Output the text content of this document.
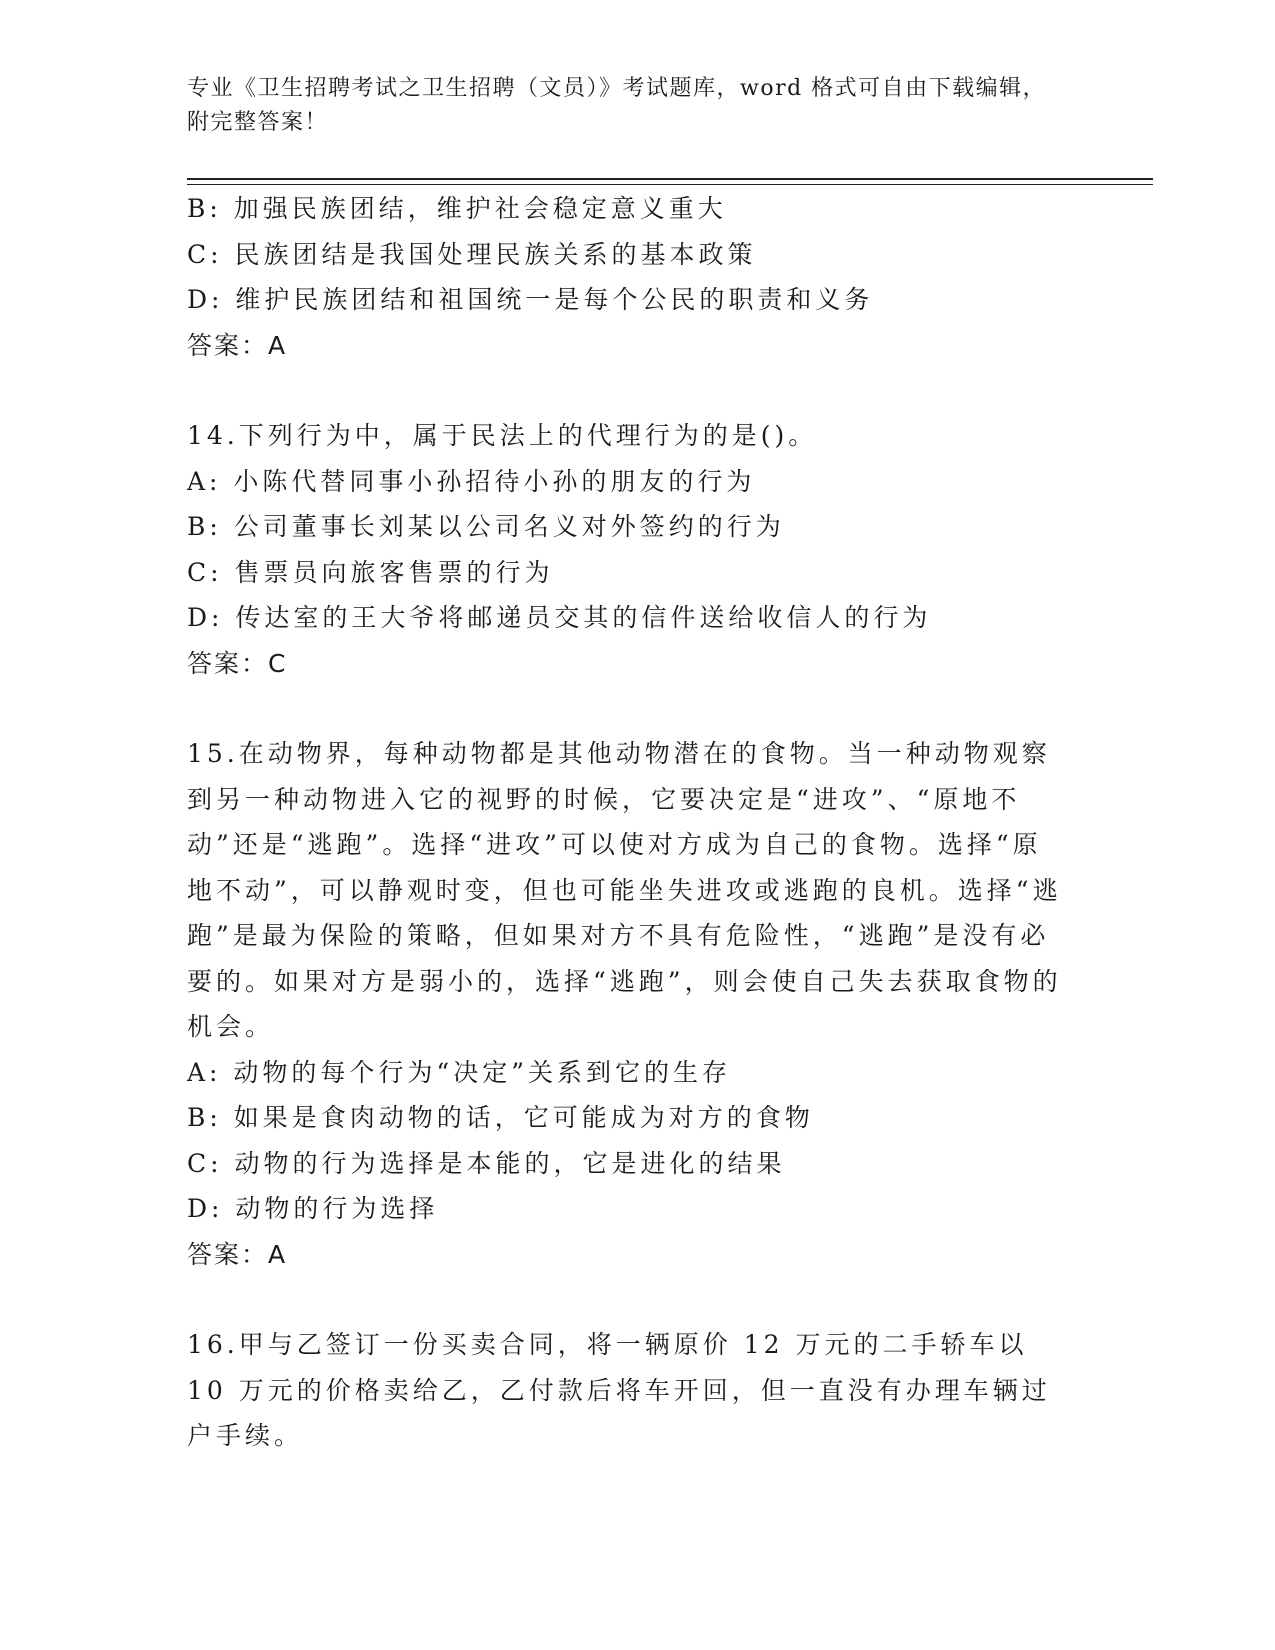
专业《卫生招聘考试之卫生招聘（文员）》考试题库，word 格式可自由下载编辑，附完整答案！
B: 加强民族团结，维护社会稳定意义重大
C: 民族团结是我国处理民族关系的基本政策
D: 维护民族团结和祖国统一是每个公民的职责和义务
答案：A
14.下列行为中，属于民法上的代理行为的是()。
A: 小陈代替同事小孙招待小孙的朋友的行为
B: 公司董事长刘某以公司名义对外签约的行为
C: 售票员向旅客售票的行为
D: 传达室的王大爷将邮递员交其的信件送给收信人的行为
答案：C
15.在动物界，每种动物都是其他动物潜在的食物。当一种动物观察到另一种动物进入它的视野的时候，它要决定是“进攻”、“原地不动”还是“逃跑”。选择“进攻”可以使对方成为自己的食物。选择“原地不动”，可以静观时变，但也可能坐失进攻或逃跑的良机。选择“逃跑”是最为保险的策略，但如果对方不具有危险性，“逃跑”是没有必要的。如果对方是弱小的，选择“逃跑”，则会使自己失去获取食物的机会。
A: 动物的每个行为“决定”关系到它的生存
B: 如果是食肉动物的话，它可能成为对方的食物
C: 动物的行为选择是本能的，它是进化的结果
D: 动物的行为选择
答案：A
16.甲与乙签订一份买卖合同，将一辆原价 12 万元的二手轿车以 10 万元的价格卖给乙，乙付款后将车开回，但一直没有办理车辆过户手续。
